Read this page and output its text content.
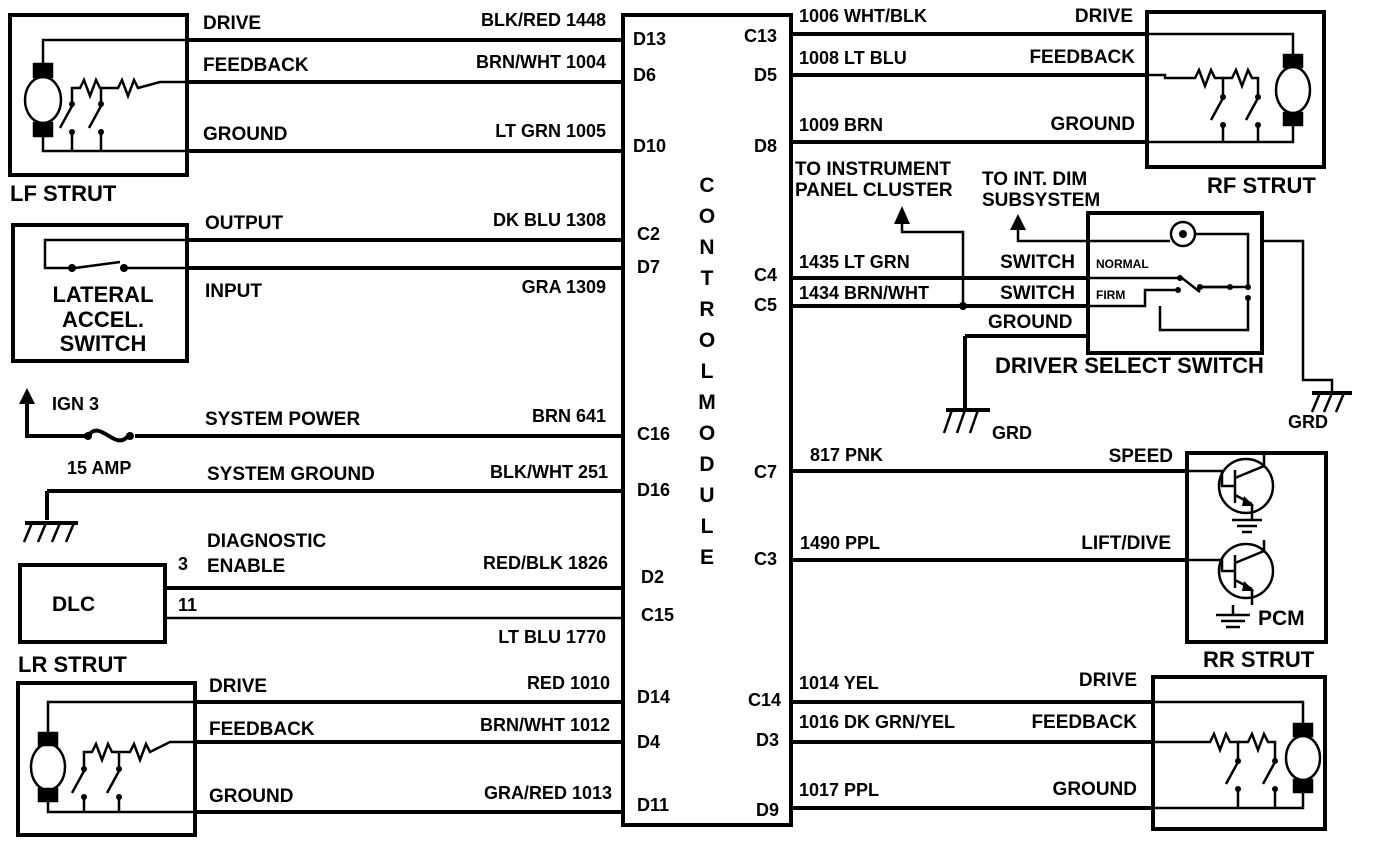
C
O
N
T
R
O
L
M
O
D
U
L
E
DRIVE
FEEDBACK
GROUND
OUTPUT
INPUT
SYSTEM POWER
SYSTEM GROUND
DIAGNOSTIC
ENABLE
DRIVE
FEEDBACK
GROUND
BLK/RED 1448
BRN/WHT 1004
LT GRN 1005
DK BLU 1308
GRA 1309
BRN 641
BLK/WHT 251
RED/BLK 1826
LT BLU 1770
RED 1010
BRN/WHT 1012
GRA/RED 1013
D13
D6
D10
C2
D7
C16
D16
D2
C15
D14
D4
D11
1006 WHT/BLK
1008 LT BLU
1009 BRN
1435 LT GRN
1434 BRN/WHT
817 PNK
1490 PPL
1014 YEL
1016 DK GRN/YEL
1017 PPL
DRIVE
FEEDBACK
GROUND
SWITCH
SWITCH
SPEED
LIFT/DIVE
DRIVE
FEEDBACK
GROUND
C13
D5
D8
C4
C5
C7
C3
C14
D3
D9
LF STRUT
LATERAL
ACCEL.
SWITCH
IGN 3
15 AMP
DLC
3
11
LR STRUT
RF STRUT
TO INSTRUMENT
PANEL CLUSTER
TO INT. DIM
SUBSYSTEM
NORMAL
FIRM
GROUND
DRIVER SELECT SWITCH
GRD
GRD
PCM
RR STRUT
